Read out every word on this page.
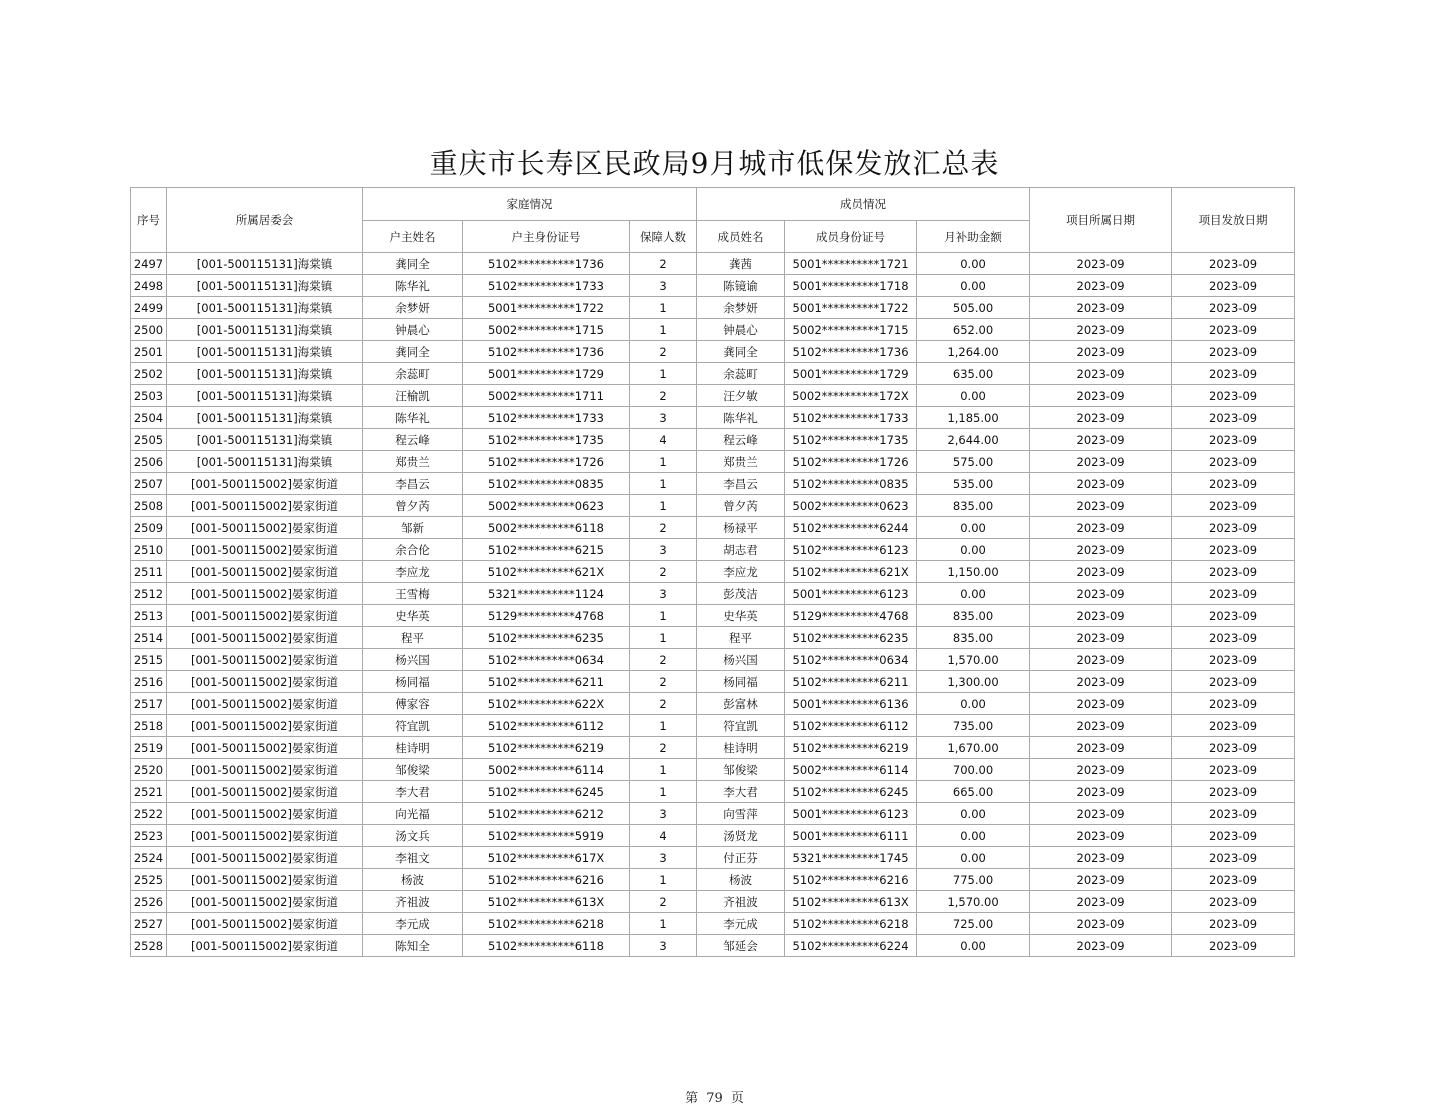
重庆市长寿区民政局9月城市低保发放汇总表
序号	所属居委会	家庭情况			成员情况			项目所属日期	项目发放日期
		户主姓名	户主身份证号	保障人数	成员姓名	成员身份证号	月补助金额		
2497	[001-500115131]海棠镇	龚同全	5102**********1736	2	龚茜	5001**********1721	0.00	2023-09	2023-09
2498	[001-500115131]海棠镇	陈华礼	5102**********1733	3	陈镜谕	5001**********1718	0.00	2023-09	2023-09
2499	[001-500115131]海棠镇	余梦妍	5001**********1722	1	余梦妍	5001**********1722	505.00	2023-09	2023-09
2500	[001-500115131]海棠镇	钟晨心	5002**********1715	1	钟晨心	5002**********1715	652.00	2023-09	2023-09
2501	[001-500115131]海棠镇	龚同全	5102**********1736	2	龚同全	5102**********1736	1,264.00	2023-09	2023-09
2502	[001-500115131]海棠镇	余蕊町	5001**********1729	1	余蕊町	5001**********1729	635.00	2023-09	2023-09
2503	[001-500115131]海棠镇	汪榆凯	5002**********1711	2	汪夕敏	5002**********172X	0.00	2023-09	2023-09
2504	[001-500115131]海棠镇	陈华礼	5102**********1733	3	陈华礼	5102**********1733	1,185.00	2023-09	2023-09
2505	[001-500115131]海棠镇	程云峰	5102**********1735	4	程云峰	5102**********1735	2,644.00	2023-09	2023-09
2506	[001-500115131]海棠镇	郑贵兰	5102**********1726	1	郑贵兰	5102**********1726	575.00	2023-09	2023-09
2507	[001-500115002]晏家街道	李昌云	5102**********0835	1	李昌云	5102**********0835	535.00	2023-09	2023-09
2508	[001-500115002]晏家街道	曾夕芮	5002**********0623	1	曾夕芮	5002**********0623	835.00	2023-09	2023-09
2509	[001-500115002]晏家街道	邹新	5002**********6118	2	杨禄平	5102**********6244	0.00	2023-09	2023-09
2510	[001-500115002]晏家街道	余合伦	5102**********6215	3	胡志君	5102**********6123	0.00	2023-09	2023-09
2511	[001-500115002]晏家街道	李应龙	5102**********621X	2	李应龙	5102**********621X	1,150.00	2023-09	2023-09
2512	[001-500115002]晏家街道	王雪梅	5321**********1124	3	彭茂洁	5001**********6123	0.00	2023-09	2023-09
2513	[001-500115002]晏家街道	史华英	5129**********4768	1	史华英	5129**********4768	835.00	2023-09	2023-09
2514	[001-500115002]晏家街道	程平	5102**********6235	1	程平	5102**********6235	835.00	2023-09	2023-09
2515	[001-500115002]晏家街道	杨兴国	5102**********0634	2	杨兴国	5102**********0634	1,570.00	2023-09	2023-09
2516	[001-500115002]晏家街道	杨同福	5102**********6211	2	杨同福	5102**********6211	1,300.00	2023-09	2023-09
2517	[001-500115002]晏家街道	傅家容	5102**********622X	2	彭富林	5001**********6136	0.00	2023-09	2023-09
2518	[001-500115002]晏家街道	符宜凯	5102**********6112	1	符宜凯	5102**********6112	735.00	2023-09	2023-09
2519	[001-500115002]晏家街道	桂诗明	5102**********6219	2	桂诗明	5102**********6219	1,670.00	2023-09	2023-09
2520	[001-500115002]晏家街道	邹俊梁	5002**********6114	1	邹俊梁	5002**********6114	700.00	2023-09	2023-09
2521	[001-500115002]晏家街道	李大君	5102**********6245	1	李大君	5102**********6245	665.00	2023-09	2023-09
2522	[001-500115002]晏家街道	向光福	5102**********6212	3	向雪萍	5001**********6123	0.00	2023-09	2023-09
2523	[001-500115002]晏家街道	汤文兵	5102**********5919	4	汤贤龙	5001**********6111	0.00	2023-09	2023-09
2524	[001-500115002]晏家街道	李祖文	5102**********617X	3	付正芬	5321**********1745	0.00	2023-09	2023-09
2525	[001-500115002]晏家街道	杨波	5102**********6216	1	杨波	5102**********6216	775.00	2023-09	2023-09
2526	[001-500115002]晏家街道	齐祖波	5102**********613X	2	齐祖波	5102**********613X	1,570.00	2023-09	2023-09
2527	[001-500115002]晏家街道	李元成	5102**********6218	1	李元成	5102**********6218	725.00	2023-09	2023-09
2528	[001-500115002]晏家街道	陈知全	5102**********6118	3	邹延会	5102**********6224	0.00	2023-09	2023-09
第 79 页
